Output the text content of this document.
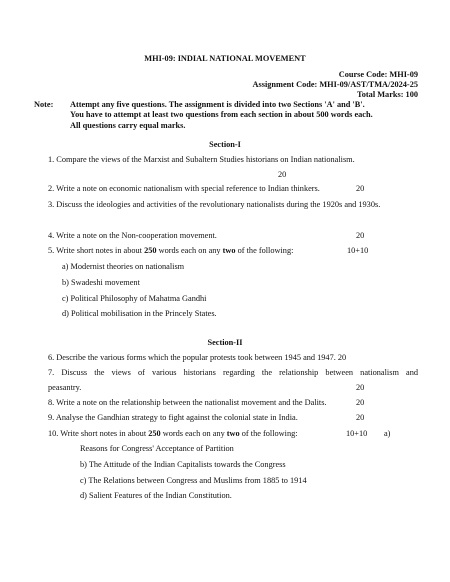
MHI-09: INDIAL NATIONAL MOVEMENT
Course Code: MHI-09
Assignment Code: MHI-09/AST/TMA/2024-25
Total Marks: 100
Note: Attempt any five questions. The assignment is divided into two Sections 'A' and 'B'.
You have to attempt at least two questions from each section in about 500 words each.
All questions carry equal marks.
Section-I
1. Compare the views of the Marxist and Subaltern Studies historians on Indian nationalism.
20
2. Write a note on economic nationalism with special reference to Indian thinkers.	20
3. Discuss the ideologies and activities of the revolutionary nationalists during the 1920s and 1930s.
4. Write a note on the Non-cooperation movement.	20
5. Write short notes in about 250 words each on any two of the following:	10+10
a) Modernist theories on nationalism
b) Swadeshi movement
c) Political Philosophy of Mahatma Gandhi
d) Political mobilisation in the Princely States.
Section-II
6. Describe the various forms which the popular protests took between 1945 and 1947. 20
7. Discuss the views of various historians regarding the relationship between nationalism and
peasantry.	20
8. Write a note on the relationship between the nationalist movement and the Dalits.	20
9. Analyse the Gandhian strategy to fight against the colonial state in India.	20
10. Write short notes in about 250 words each on any two of the following:	10+10 a)
Reasons for Congress' Acceptance of Partition
b) The Attitude of the Indian Capitalists towards the Congress
c) The Relations between Congress and Muslims from 1885 to 1914
d) Salient Features of the Indian Constitution.
